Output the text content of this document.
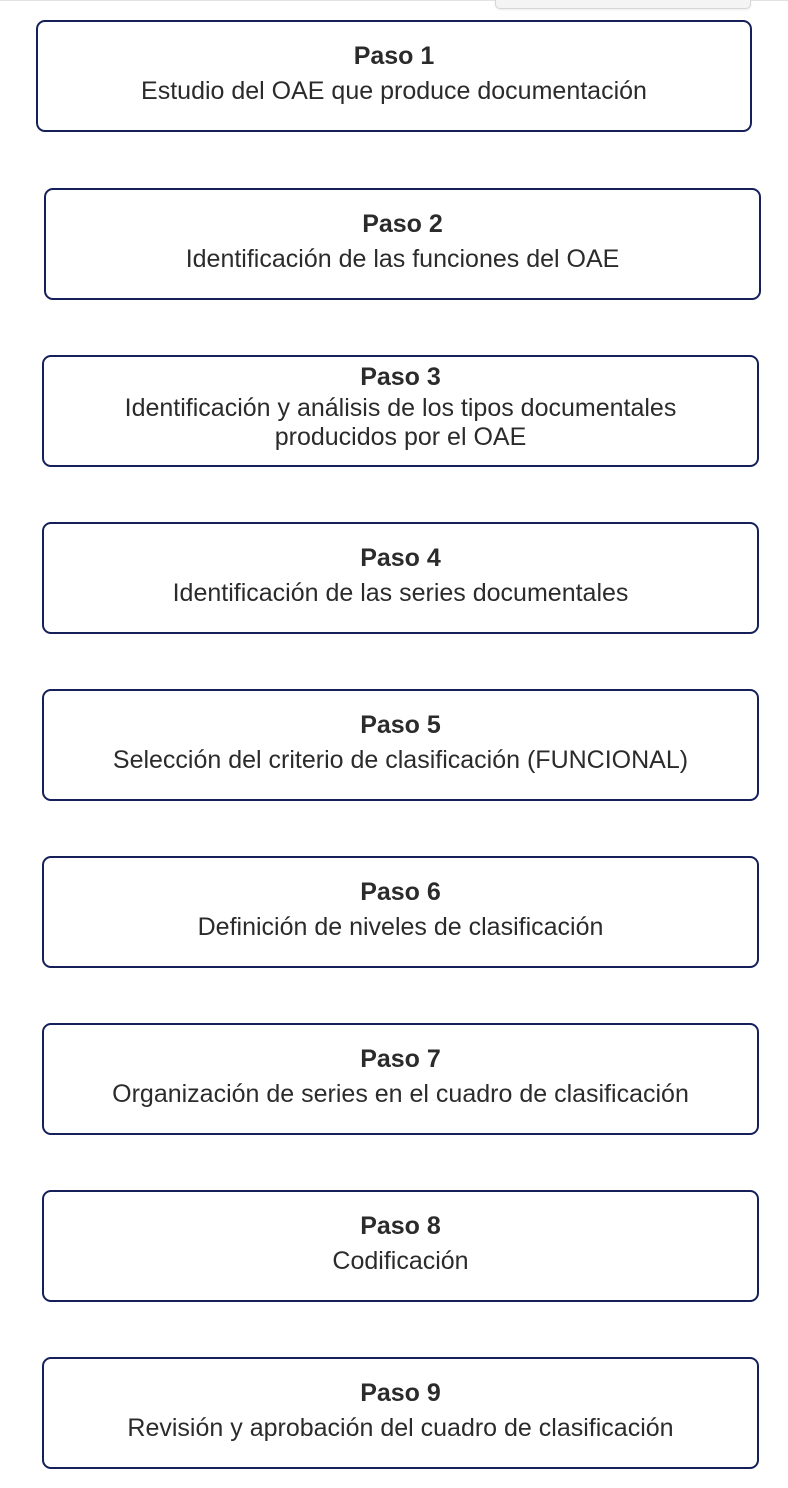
Paso 1
Estudio del OAE que produce documentación
Paso 2
Identificación de las funciones del OAE
Paso 3
Identificación y análisis de los tipos documentales producidos por el OAE
Paso 4
Identificación de las series documentales
Paso 5
Selección del criterio de clasificación (FUNCIONAL)
Paso 6
Definición de niveles de clasificación
Paso 7
Organización de series en el cuadro de clasificación
Paso 8
Codificación
Paso 9
Revisión y aprobación del cuadro de clasificación
